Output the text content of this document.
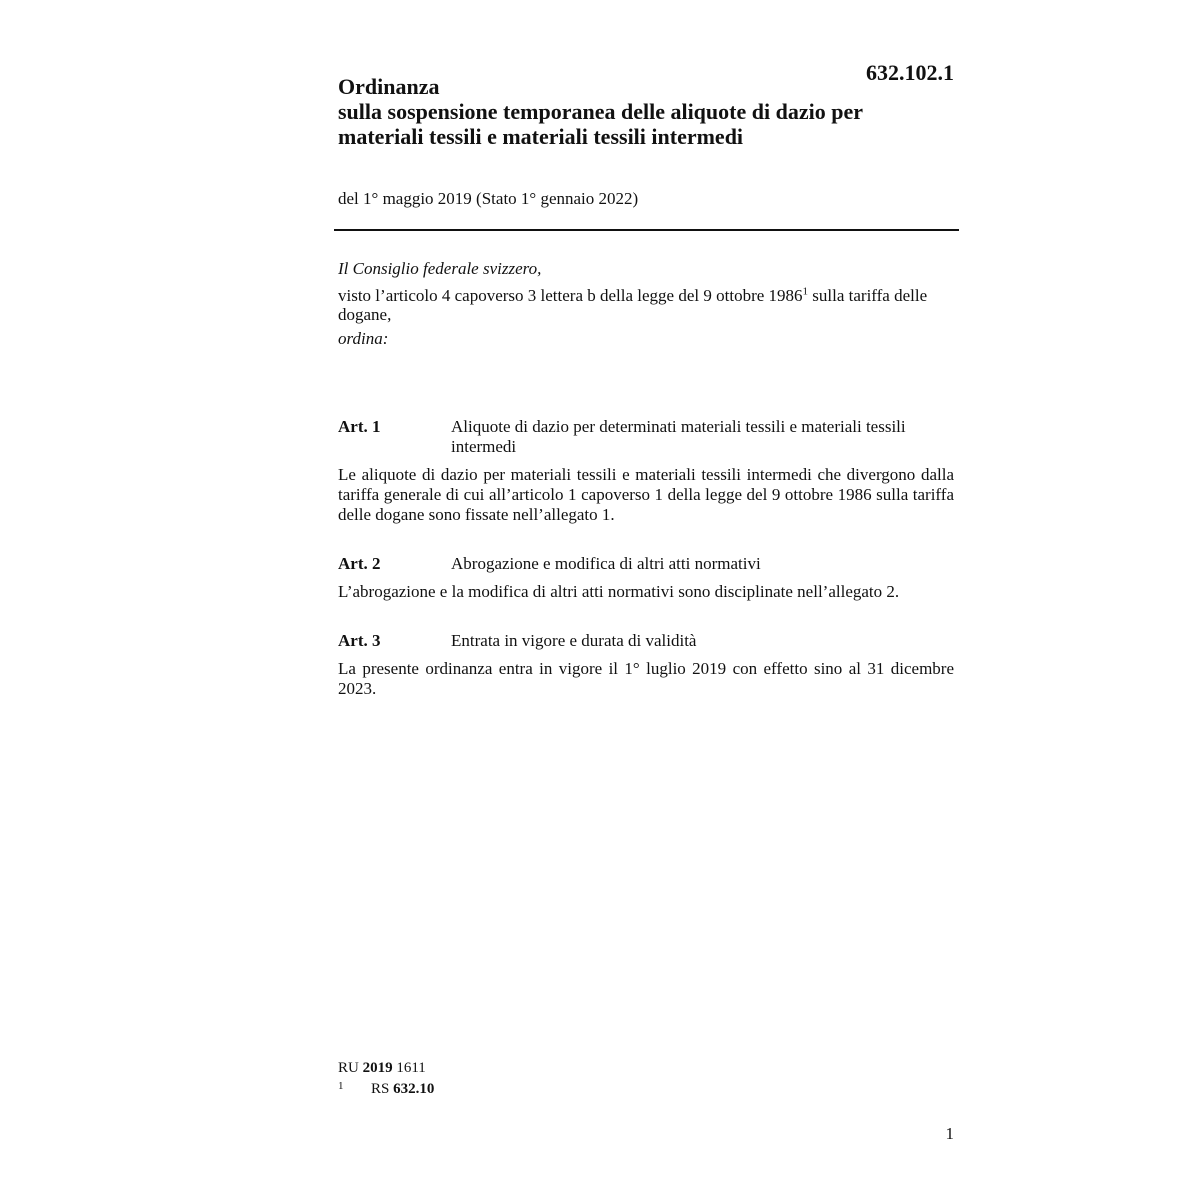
632.102.1

Ordinanza
sulla sospensione temporanea delle aliquote di dazio per
materiali tessili e materiali tessili intermedi

del 1° maggio 2019 (Stato 1° gennaio 2022)

Il Consiglio federale svizzero,

visto l’articolo 4 capoverso 3 lettera b della legge del 9 ottobre 1986$^1$ sulla tariffa delle dogane,

ordina:

Art. 1	Aliquote di dazio per determinati materiali tessili e materiali tessili intermedi

Le aliquote di dazio per materiali tessili e materiali tessili intermedi che divergono dalla tariffa generale di cui all’articolo 1 capoverso 1 della legge del 9 ottobre 1986 sulla tariffa delle dogane sono fissate nell’allegato 1.

Art. 2	Abrogazione e modifica di altri atti normativi

L’abrogazione e la modifica di altri atti normativi sono disciplinate nell’allegato 2.

Art. 3	Entrata in vigore e durata di validità

La presente ordinanza entra in vigore il 1° luglio 2019 con effetto sino al 31 dicembre 2023.

RU 2019 1611
1	RS 632.10

1
